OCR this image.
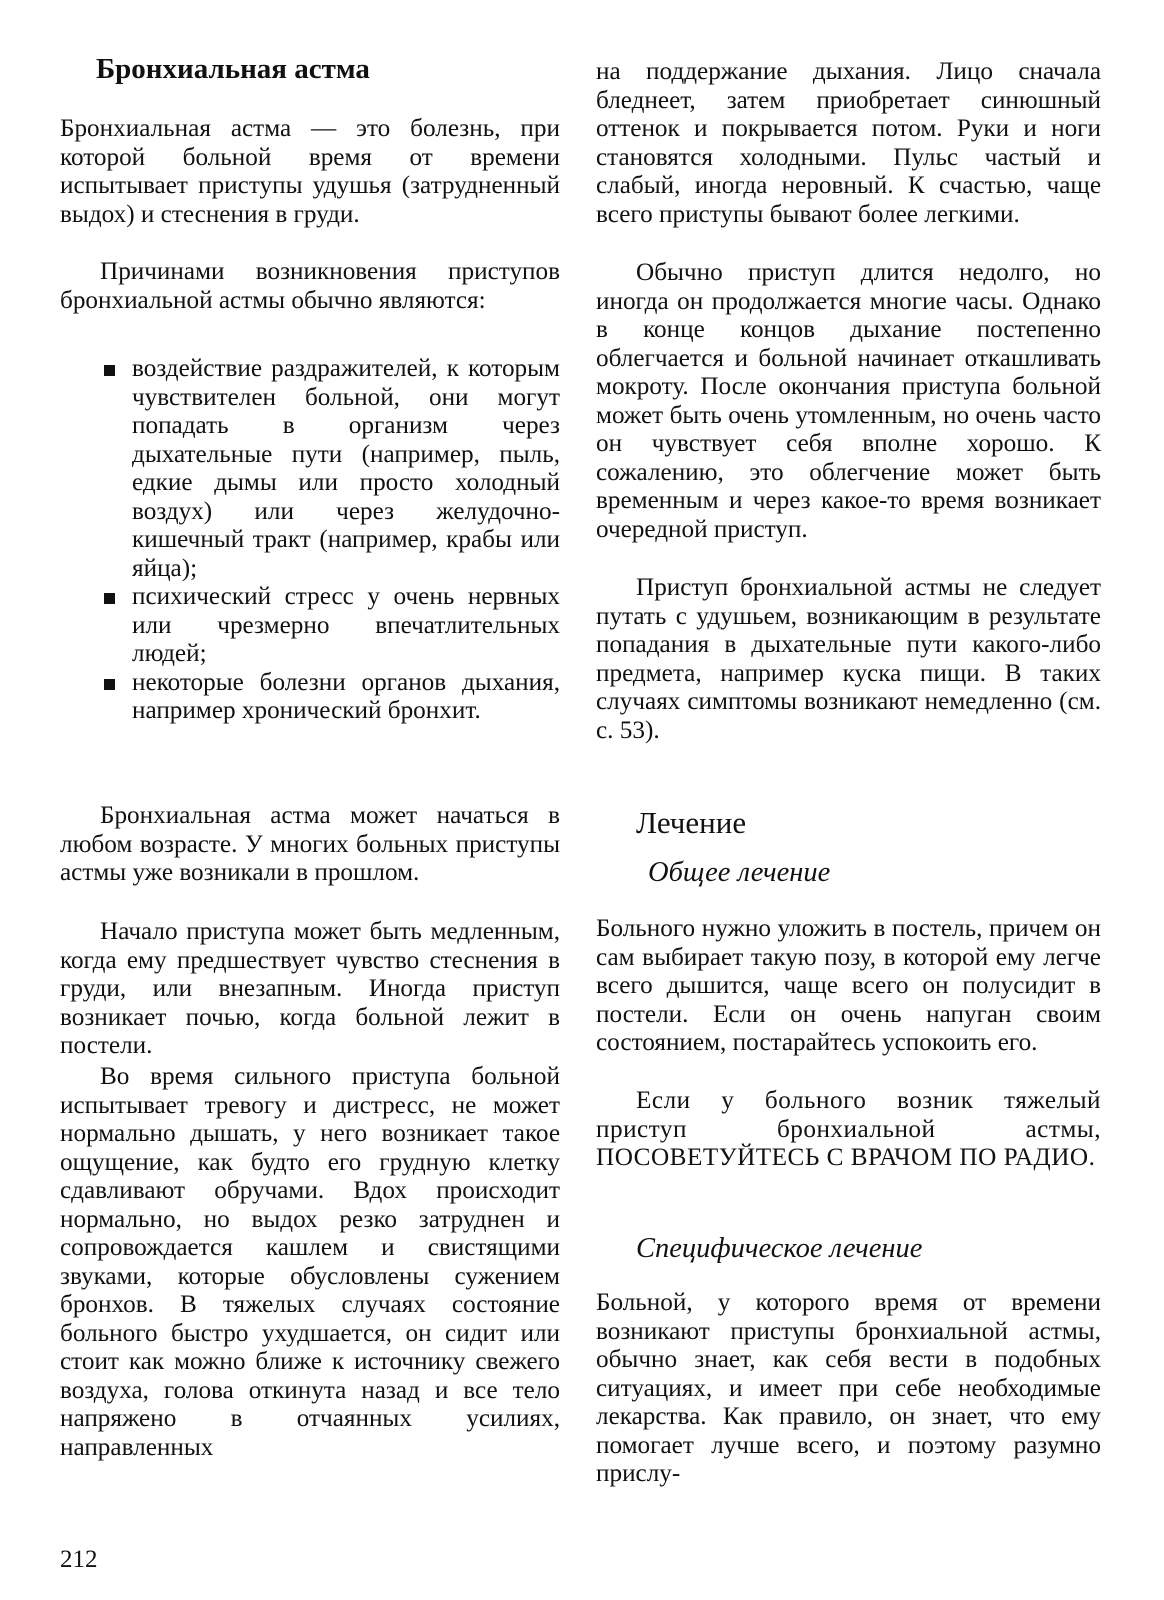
Бронхиальная астма

Бронхиальная астма — это болезнь, при которой больной время от времени испытывает приступы удушья (затрудненный выдох) и стеснения в груди.

Причинами возникновения приступов бронхиальной астмы обычно являются:

воздействие раздражителей, к которым чувствителен больной, они могут попадать в организм через дыхательные пути (например, пыль, едкие дымы или просто холодный воздух) или через желудочно-кишечный тракт (например, крабы или яйца);
психический стресс у очень нервных или чрезмерно впечатлительных людей;
некоторые болезни органов дыхания, например хронический бронхит.

Бронхиальная астма может начаться в любом возрасте. У многих больных приступы астмы уже возникали в прошлом.

Начало приступа может быть медленным, когда ему предшествует чувство стеснения в груди, или внезапным. Иногда приступ возникает почью, когда больной лежит в постели.

Во время сильного приступа больной испытывает тревогу и дистресс, не может нормально дышать, у него возникает такое ощущение, как будто его грудную клетку сдавливают обручами. Вдох происходит нормально, но выдох резко затруднен и сопровождается кашлем и свистящими звуками, которые обусловлены сужением бронхов. В тяжелых случаях состояние больного быстро ухудшается, он сидит или стоит как можно ближе к источнику свежего воздуха, голова откинута назад и все тело напряжено в отчаянных усилиях, направленных

на поддержание дыхания. Лицо сначала бледнеет, затем приобретает синюшный оттенок и покрывается потом. Руки и ноги становятся холодными. Пульс частый и слабый, иногда неровный. К счастью, чаще всего приступы бывают более легкими.

Обычно приступ длится недолго, но иногда он продолжается многие часы. Однако в конце концов дыхание постепенно облегчается и больной начинает откашливать мокроту. После окончания приступа больной может быть очень утомленным, но очень часто он чувствует себя вполне хорошо. К сожалению, это облегчение может быть временным и через какое-то время возникает очередной приступ.

Приступ бронхиальной астмы не следует путать с удушьем, возникающим в результате попадания в дыхательные пути какого-либо предмета, например куска пищи. В таких случаях симптомы возникают немедленно (см. с. 53).

Лечение
Общее лечение

Больного нужно уложить в постель, причем он сам выбирает такую позу, в которой ему легче всего дышится, чаще всего он полусидит в постели. Если он очень напуган своим состоянием, постарайтесь успокоить его.

Если у больного возник тяжелый приступ бронхиальной астмы, ПОСОВЕТУЙТЕСЬ С ВРАЧОМ ПО РАДИО.

Специфическое лечение

Больной, у которого время от времени возникают приступы бронхиальной астмы, обычно знает, как себя вести в подобных ситуациях, и имеет при себе необходимые лекарства. Как правило, он знает, что ему помогает лучше всего, и поэтому разумно прислу-

212
